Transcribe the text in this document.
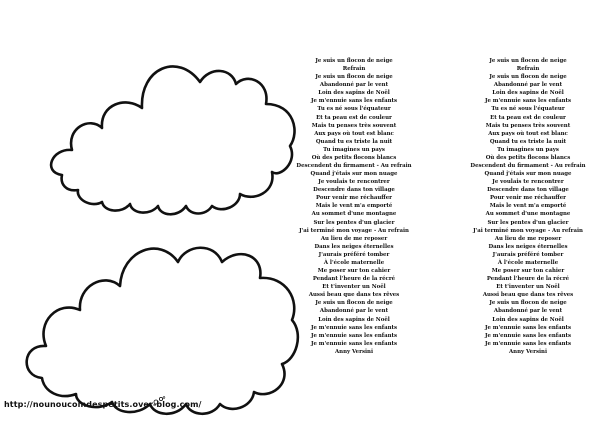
Je suis un flocon de neige
Refrain
Je suis un flocon de neige
Abandonné par le vent
Loin des sapins de Noël
Je m'ennuie sans les enfants
Tu es né sous l'équateur
Et ta peau est de couleur
Mais tu penses très souvent
Aux pays où tout est blanc
Quand tu es triste la nuit
Tu imagines un pays
Où des petits flocons blancs
Descendent du firmament - Au refrain
Quand j'étais sur mon nuage
Je voulais te rencontrer
Descendre dans ton village
Pour venir me réchauffer
Mais le vent m'a emporté
Au sommet d'une montagne
Sur les pentes d'un glacier
J'ai terminé mon voyage - Au refrain
Au lieu de me reposer
Dans les neiges éternelles
J'aurais préféré tomber
À l'école maternelle
Me poser sur ton cahier
Pendant l'heure de la récré
Et t'inventer un Noël
Aussi beau que dans tes rêves
Je suis un flocon de neige
Abandonné par le vent
Loin des sapins de Noël
Je m'ennuie sans les enfants
Je m'ennuie sans les enfants
Je m'ennuie sans les enfants
Anny Versini
Je suis un flocon de neige
Refrain
Je suis un flocon de neige
Abandonné par le vent
Loin des sapins de Noël
Je m'ennuie sans les enfants
Tu es né sous l'équateur
Et ta peau est de couleur
Mais tu penses très souvent
Aux pays où tout est blanc
Quand tu es triste la nuit
Tu imagines un pays
Où des petits flocons blancs
Descendent du firmament - Au refrain
Quand j'étais sur mon nuage
Je voulais te rencontrer
Descendre dans ton village
Pour venir me réchauffer
Mais le vent m'a emporté
Au sommet d'une montagne
Sur les pentes d'un glacier
J'ai terminé mon voyage - Au refrain
Au lieu de me reposer
Dans les neiges éternelles
J'aurais préféré tomber
À l'école maternelle
Me poser sur ton cahier
Pendant l'heure de la récré
Et t'inventer un Noël
Aussi beau que dans tes rêves
Je suis un flocon de neige
Abandonné par le vent
Loin des sapins de Noël
Je m'ennuie sans les enfants
Je m'ennuie sans les enfants
Je m'ennuie sans les enfants
Anny Versini
http://nounoucoindespetits.over-blog.com/
